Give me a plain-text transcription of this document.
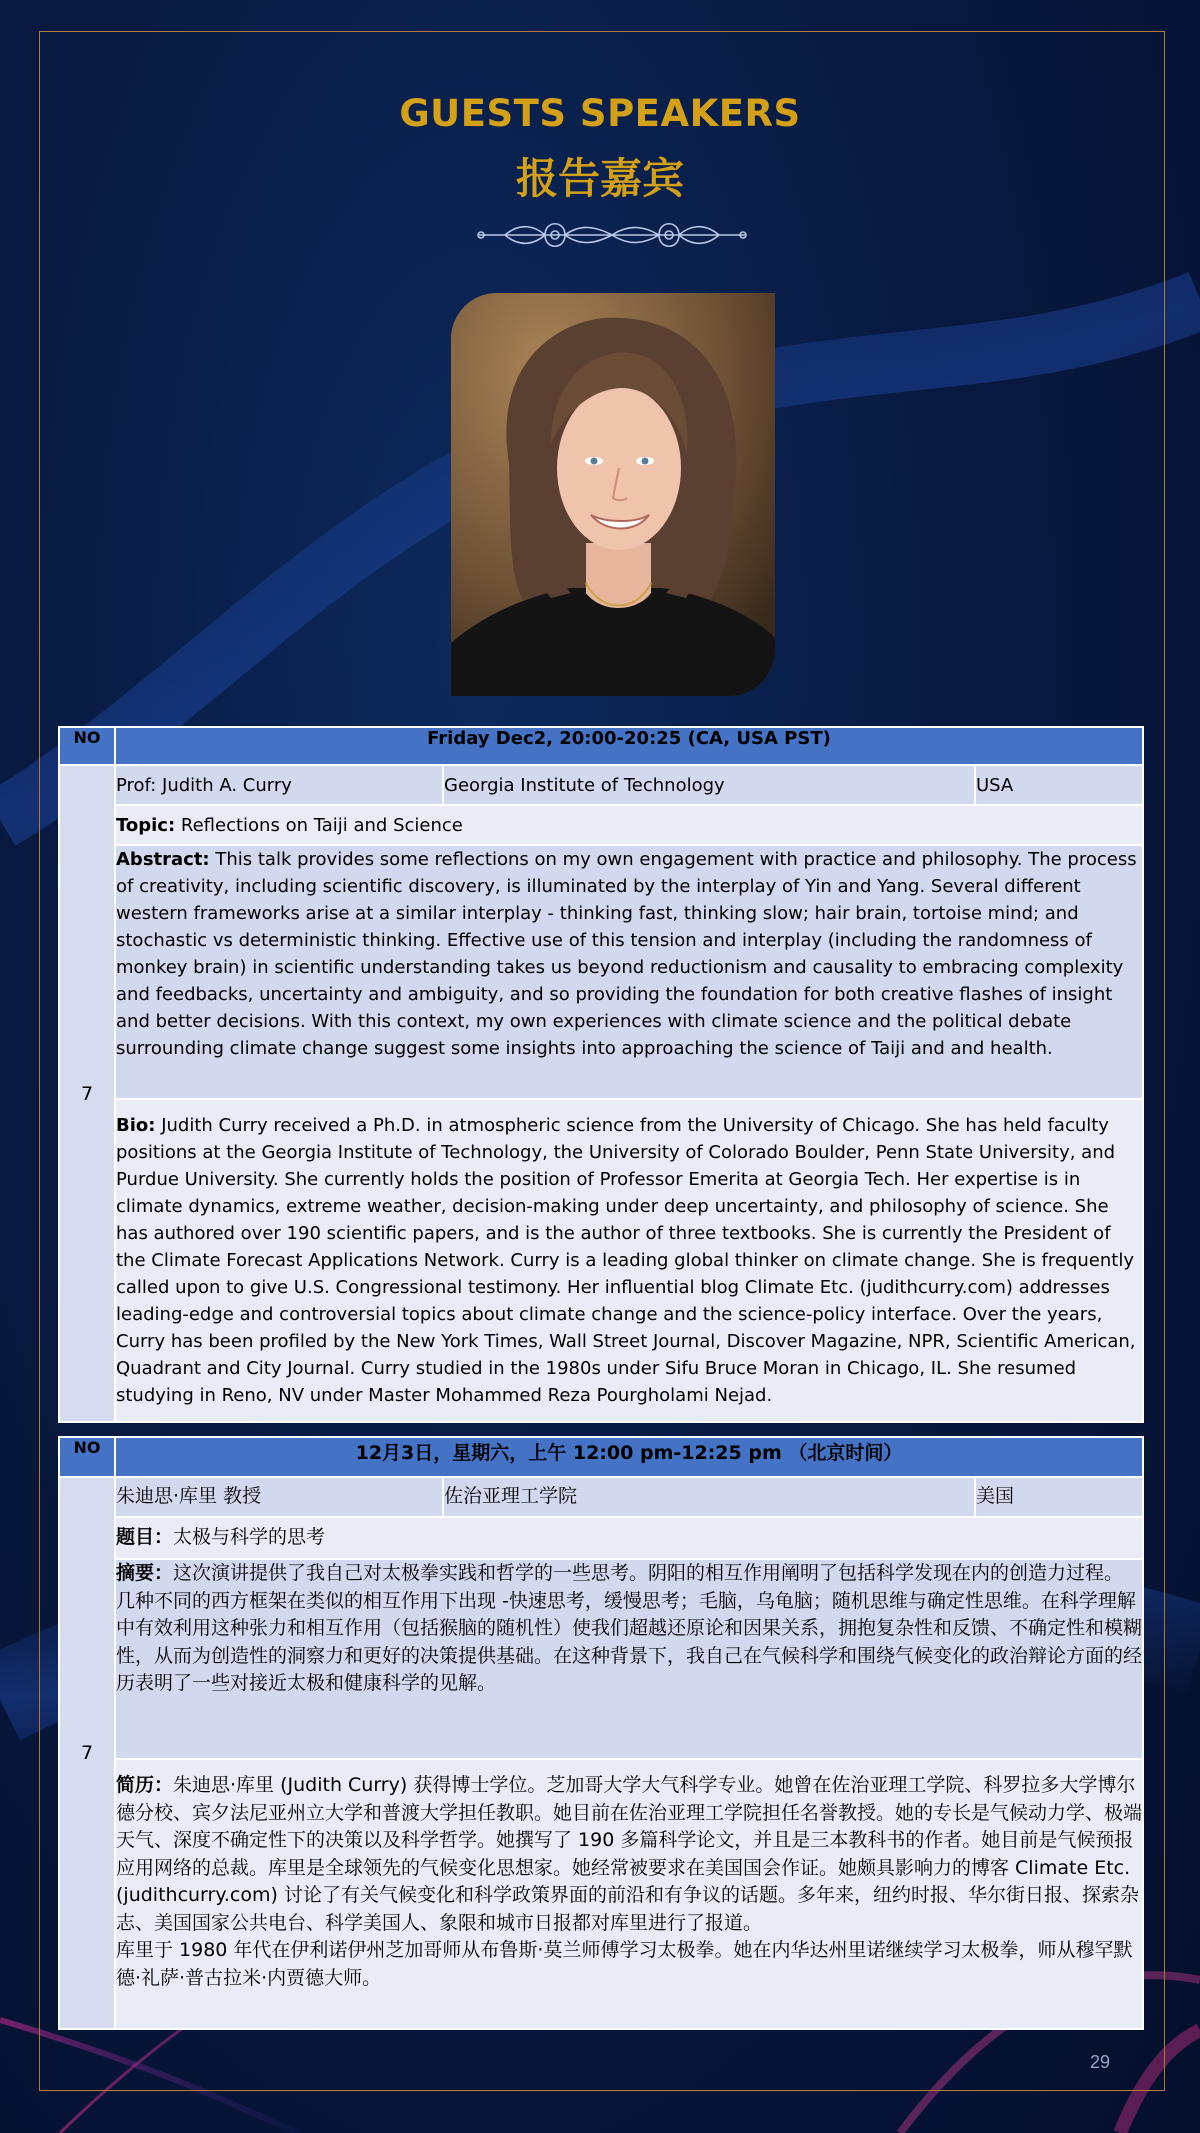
GUESTS SPEAKERS
报告嘉宾
NO	Friday Dec2, 20:00-20:25 (CA, USA PST)		
7	Prof: Judith A. Curry	Georgia Institute of Technology	USA
	Topic: Reflections on Taiji and Science		
	Abstract: This talk provides some reflections on my own engagement with practice and philosophy. The process of creativity, including scientific discovery, is illuminated by the interplay of Yin and Yang. Several different western frameworks arise at a similar interplay - thinking fast, thinking slow; hair brain, tortoise mind; and stochastic vs deterministic thinking. Effective use of this tension and interplay (including the randomness of monkey brain) in scientific understanding takes us beyond reductionism and causality to embracing complexity and feedbacks, uncertainty and ambiguity, and so providing the foundation for both creative flashes of insight and better decisions. With this context, my own experiences with climate science and the political debate surrounding climate change suggest some insights into approaching the science of Taiji and and health.		
	Bio: Judith Curry received a Ph.D. in atmospheric science from the University of Chicago. She has held faculty positions at the Georgia Institute of Technology, the University of Colorado Boulder, Penn State University, and Purdue University. She currently holds the position of Professor Emerita at Georgia Tech. Her expertise is in climate dynamics, extreme weather, decision-making under deep uncertainty, and philosophy of science. She has authored over 190 scientific papers, and is the author of three textbooks. She is currently the President of the Climate Forecast Applications Network. Curry is a leading global thinker on climate change. She is frequently called upon to give U.S. Congressional testimony. Her influential blog Climate Etc. (judithcurry.com) addresses leading-edge and controversial topics about climate change and the science-policy interface. Over the years, Curry has been profiled by the New York Times, Wall Street Journal, Discover Magazine, NPR, Scientific American, Quadrant and City Journal. Curry studied in the 1980s under Sifu Bruce Moran in Chicago, IL. She resumed studying in Reno, NV under Master Mohammed Reza Pourgholami Nejad.		
NO	12月3日，星期六，上午 12:00 pm-12:25 pm （北京时间）		
7	朱迪思·库里 教授	佐治亚理工学院	美国
	题目：太极与科学的思考		
	摘要：这次演讲提供了我自己对太极拳实践和哲学的一些思考。阴阳的相互作用阐明了包括科学发现在内的创造力过程。几种不同的西方框架在类似的相互作用下出现 -快速思考，缓慢思考；毛脑，乌龟脑；随机思维与确定性思维。在科学理解中有效利用这种张力和相互作用（包括猴脑的随机性）使我们超越还原论和因果关系，拥抱复杂性和反馈、不确定性和模糊性，从而为创造性的洞察力和更好的决策提供基础。在这种背景下，我自己在气候科学和围绕气候变化的政治辩论方面的经历表明了一些对接近太极和健康科学的见解。		
	简历：朱迪思·库里 (Judith Curry) 获得博士学位。芝加哥大学大气科学专业。她曾在佐治亚理工学院、科罗拉多大学博尔德分校、宾夕法尼亚州立大学和普渡大学担任教职。她目前在佐治亚理工学院担任名誉教授。她的专长是气候动力学、极端天气、深度不确定性下的决策以及科学哲学。她撰写了 190 多篇科学论文，并且是三本教科书的作者。她目前是气候预报应用网络的总裁。库里是全球领先的气候变化思想家。她经常被要求在美国国会作证。她颇具影响力的博客 Climate Etc. (judithcurry.com) 讨论了有关气候变化和科学政策界面的前沿和有争议的话题。多年来，纽约时报、华尔街日报、探索杂志、美国国家公共电台、科学美国人、象限和城市日报都对库里进行了报道。
库里于 1980 年代在伊利诺伊州芝加哥师从布鲁斯·莫兰师傅学习太极拳。她在内华达州里诺继续学习太极拳，师从穆罕默德·礼萨·普古拉米·内贾德大师。		
29
